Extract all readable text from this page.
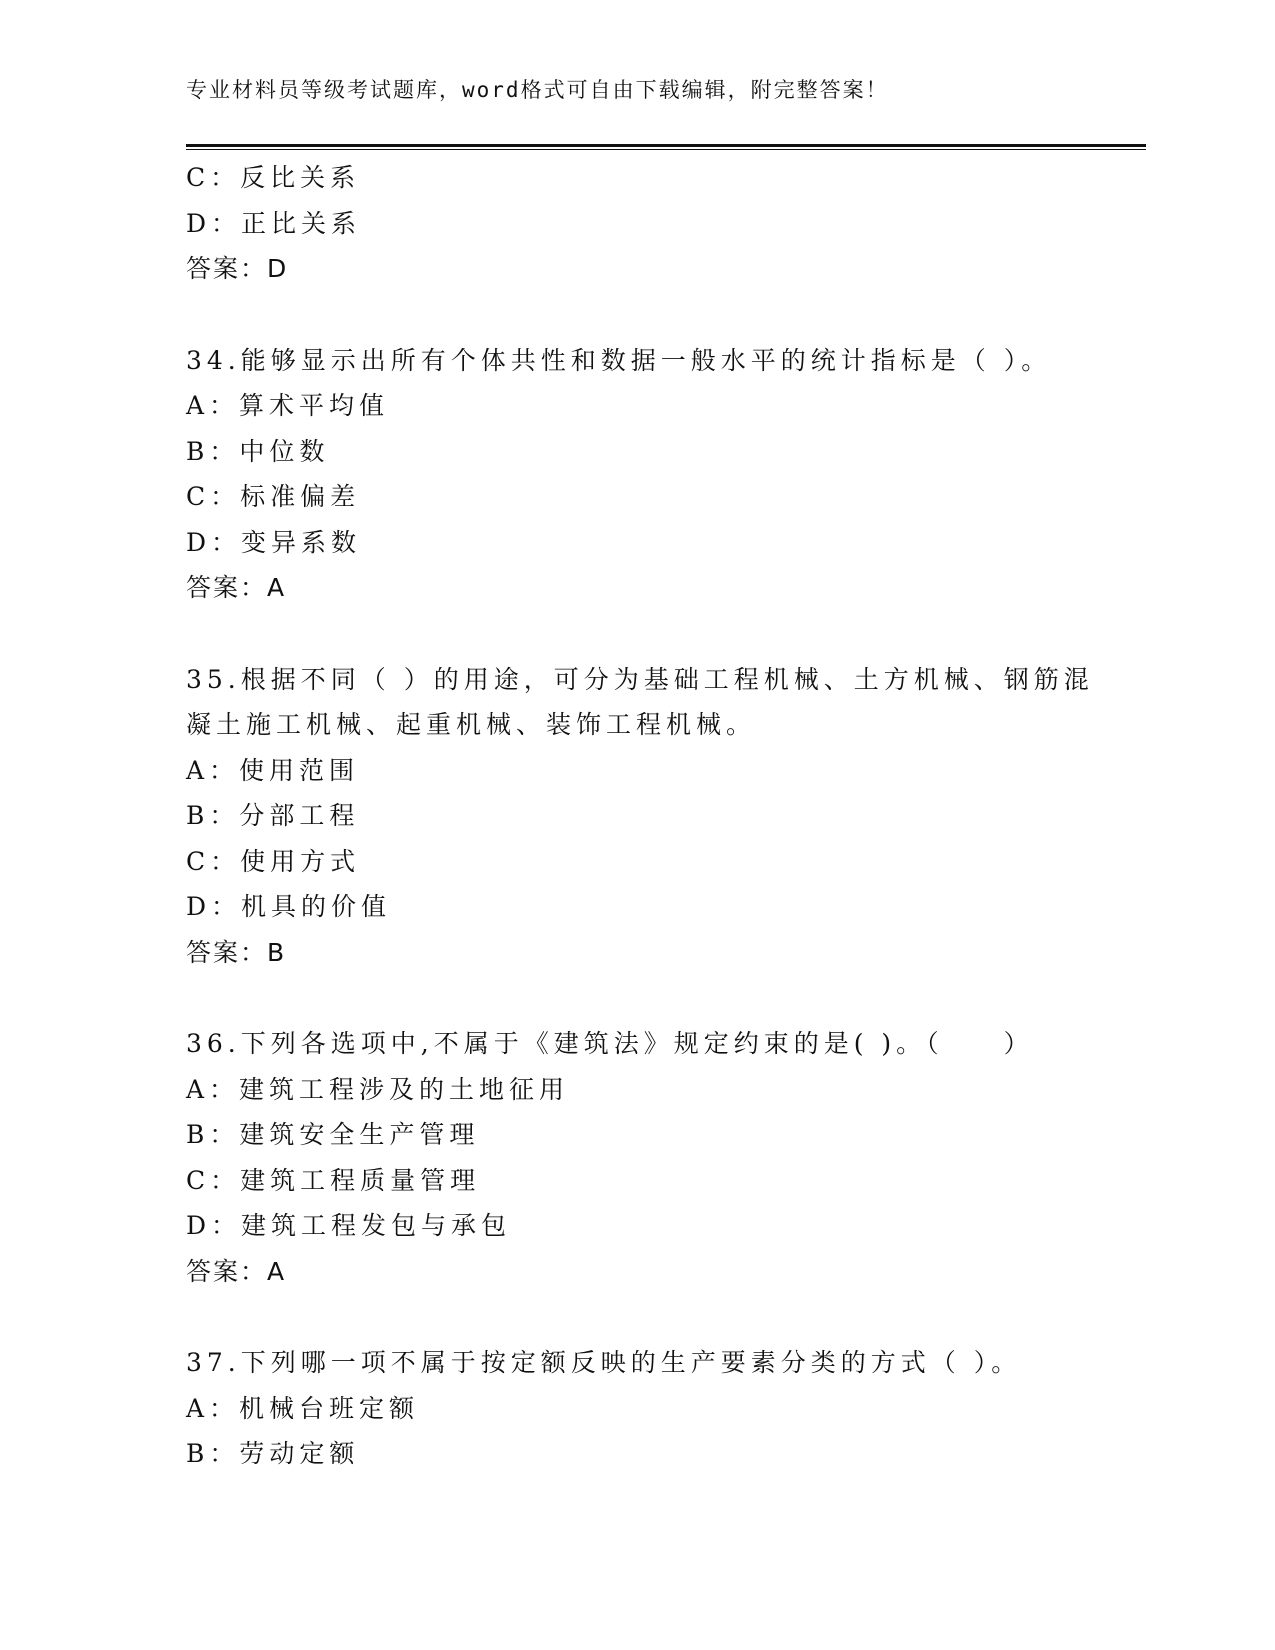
专业材料员等级考试题库，word格式可自由下载编辑，附完整答案！
C：反比关系
D：正比关系
答案：D
34.能够显示出所有个体共性和数据一般水平的统计指标是（ ）。
A：算术平均值
B：中位数
C：标准偏差
D：变异系数
答案：A
35.根据不同（ ）的用途，可分为基础工程机械、土方机械、钢筋混
凝土施工机械、起重机械、装饰工程机械。
A：使用范围
B：分部工程
C：使用方式
D：机具的价值
答案：B
36.下列各选项中,不属于《建筑法》规定约束的是( )。（　　）
A：建筑工程涉及的土地征用
B：建筑安全生产管理
C：建筑工程质量管理
D：建筑工程发包与承包
答案：A
37.下列哪一项不属于按定额反映的生产要素分类的方式（ ）。
A：机械台班定额
B：劳动定额
